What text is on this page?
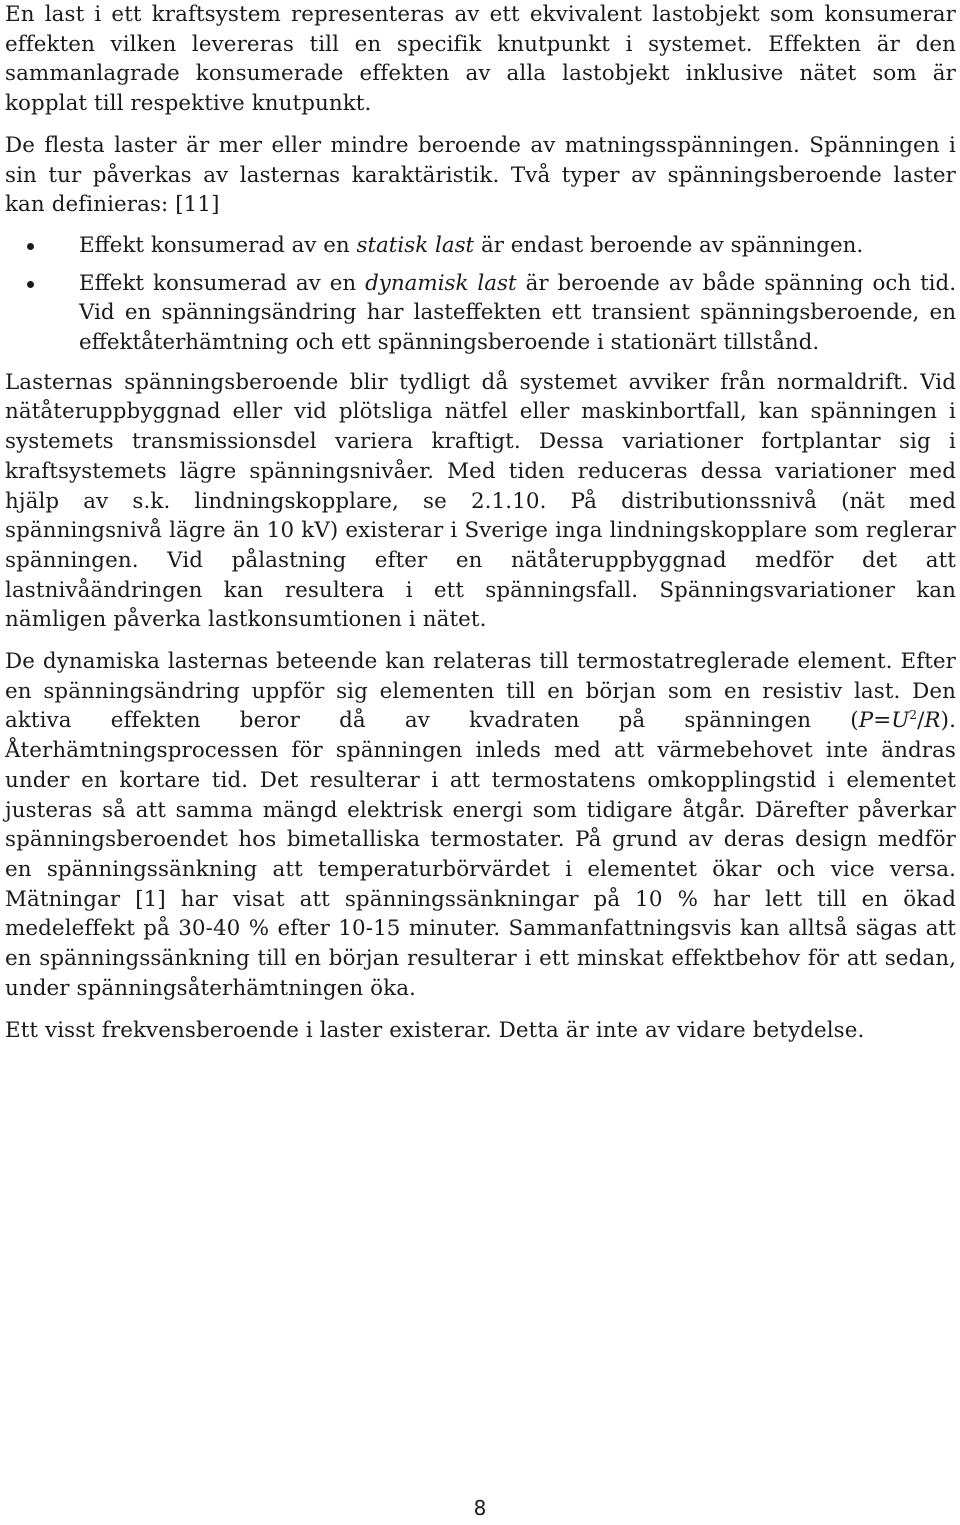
En last i ett kraftsystem representeras av ett ekvivalent lastobjekt som konsumerar effekten vilken levereras till en specifik knutpunkt i systemet. Effekten är den sammanlagrade konsumerade effekten av alla lastobjekt inklusive nätet som är kopplat till respektive knutpunkt.

De flesta laster är mer eller mindre beroende av matningsspänningen. Spänningen i sin tur påverkas av lasternas karaktäristik. Två typer av spänningsberoende laster kan definieras: [11]

Effekt konsumerad av en statisk last är endast beroende av spänningen.
Effekt konsumerad av en dynamisk last är beroende av både spänning och tid. Vid en spänningsändring har lasteffekten ett transient spänningsberoende, en effektåterhämtning och ett spänningsberoende i stationärt tillstånd.

Lasternas spänningsberoende blir tydligt då systemet avviker från normaldrift. Vid nätåteruppbyggnad eller vid plötsliga nätfel eller maskinbortfall, kan spänningen i systemets transmissionsdel variera kraftigt. Dessa variationer fortplantar sig i kraftsystemets lägre spänningsnivåer. Med tiden reduceras dessa variationer med hjälp av s.k. lindningskopplare, se 2.1.10. På distributionssnivå (nät med spänningsnivå lägre än 10 kV) existerar i Sverige inga lindningskopplare som reglerar spänningen. Vid pålastning efter en nätåteruppbyggnad medför det att lastnivåändringen kan resultera i ett spänningsfall. Spänningsvariationer kan nämligen påverka lastkonsumtionen i nätet.

De dynamiska lasternas beteende kan relateras till termostatreglerade element. Efter en spänningsändring uppför sig elementen till en början som en resistiv last. Den aktiva effekten beror då av kvadraten på spänningen $(P=U^2/R)$. Återhämtningsprocessen för spänningen inleds med att värmebehovet inte ändras under en kortare tid. Det resulterar i att termostatens omkopplingstid i elementet justeras så att samma mängd elektrisk energi som tidigare åtgår. Därefter påverkar spänningsberoendet hos bimetalliska termostater. På grund av deras design medför en spänningssänkning att temperaturbörvärdet i elementet ökar och vice versa. Mätningar [1] har visat att spänningssänkningar på 10 % har lett till en ökad medeleffekt på 30-40 % efter 10-15 minuter. Sammanfattningsvis kan alltså sägas att en spänningssänkning till en början resulterar i ett minskat effektbehov för att sedan, under spänningsåterhämtningen öka.

Ett visst frekvensberoende i laster existerar. Detta är inte av vidare betydelse.

8
